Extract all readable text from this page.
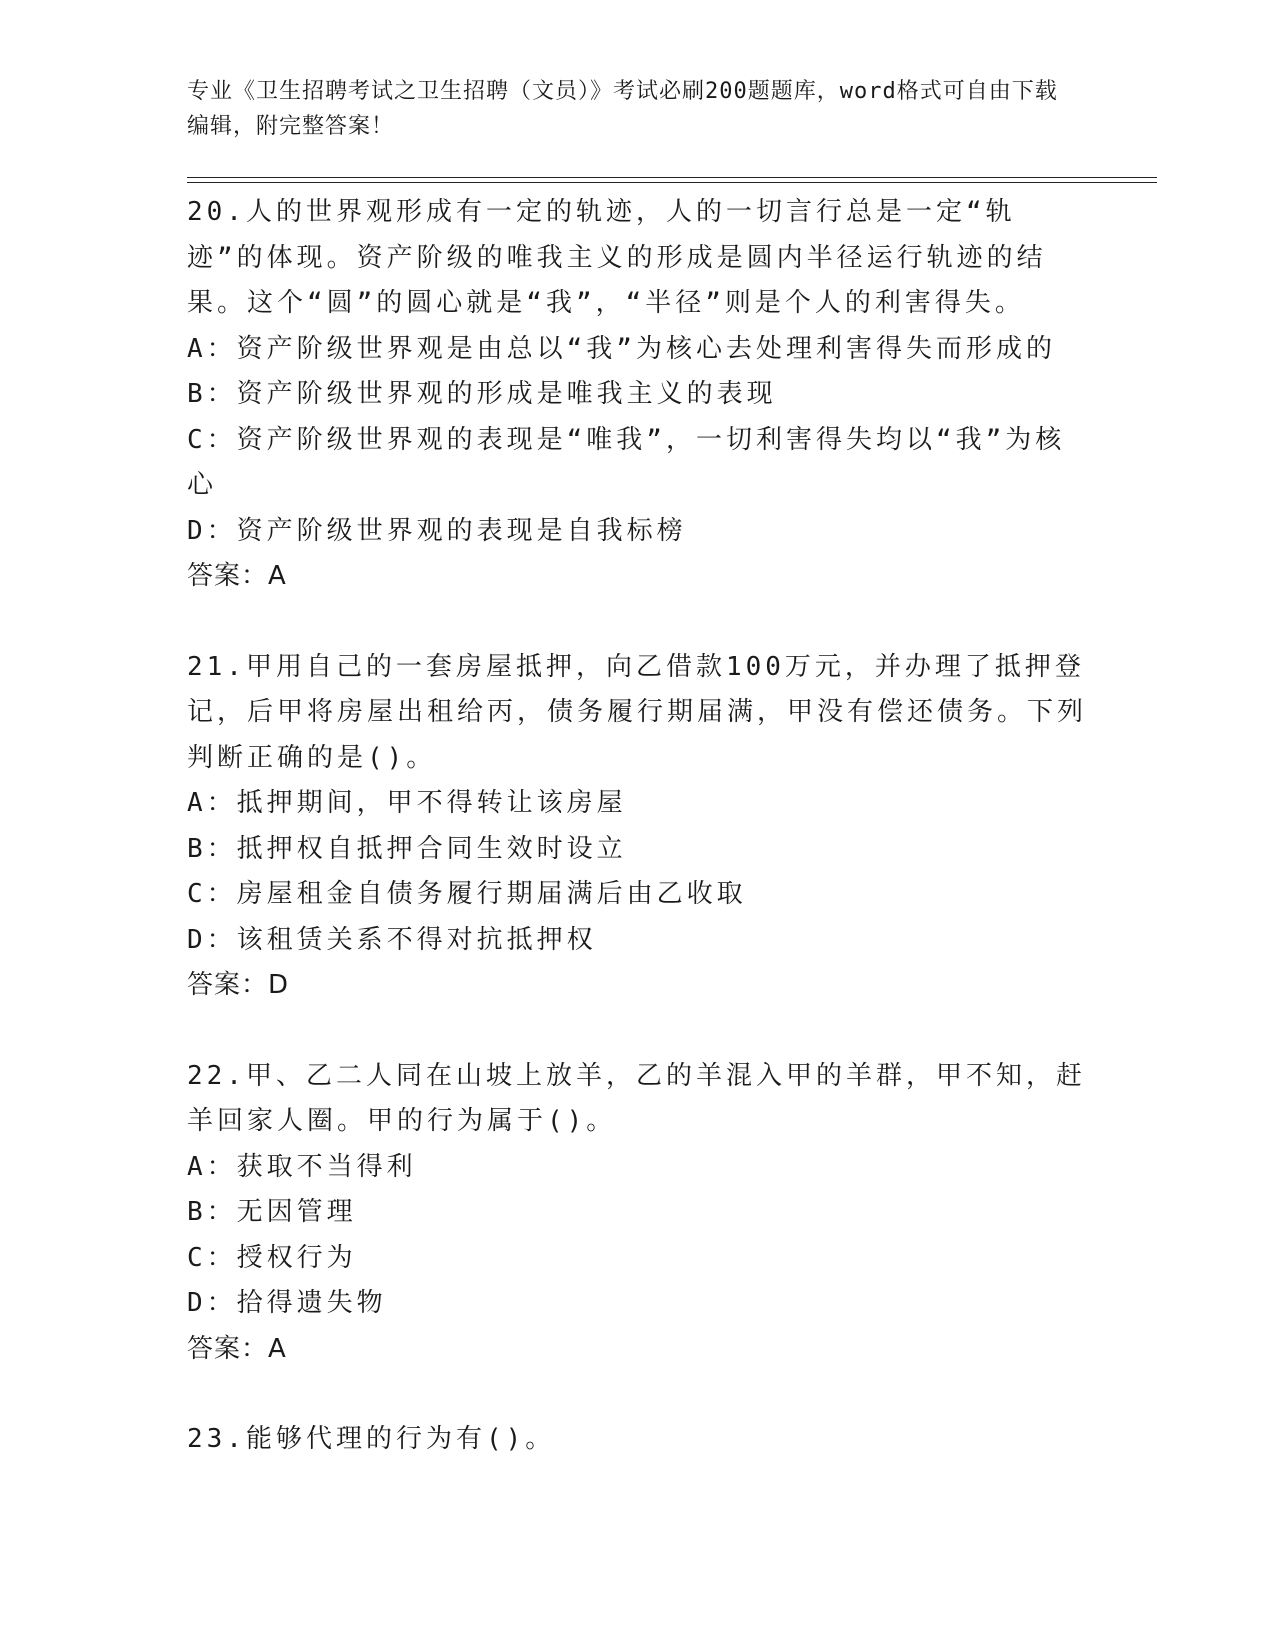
专业《卫生招聘考试之卫生招聘（文员）》考试必刷200题题库，word格式可自由下载编辑，附完整答案！
20.人的世界观形成有一定的轨迹，人的一切言行总是一定“轨迹”的体现。资产阶级的唯我主义的形成是圆内半径运行轨迹的结果。这个“圆”的圆心就是“我”，“半径”则是个人的利害得失。
A：资产阶级世界观是由总以“我”为核心去处理利害得失而形成的
B：资产阶级世界观的形成是唯我主义的表现
C：资产阶级世界观的表现是“唯我”，一切利害得失均以“我”为核心
D：资产阶级世界观的表现是自我标榜
答案：A
21.甲用自己的一套房屋抵押，向乙借款100万元，并办理了抵押登记，后甲将房屋出租给丙，债务履行期届满，甲没有偿还债务。下列判断正确的是()。
A：抵押期间，甲不得转让该房屋
B：抵押权自抵押合同生效时设立
C：房屋租金自债务履行期届满后由乙收取
D：该租赁关系不得对抗抵押权
答案：D
22.甲、乙二人同在山坡上放羊，乙的羊混入甲的羊群，甲不知，赶羊回家人圈。甲的行为属于()。
A：获取不当得利
B：无因管理
C：授权行为
D：拾得遗失物
答案：A
23.能够代理的行为有()。
